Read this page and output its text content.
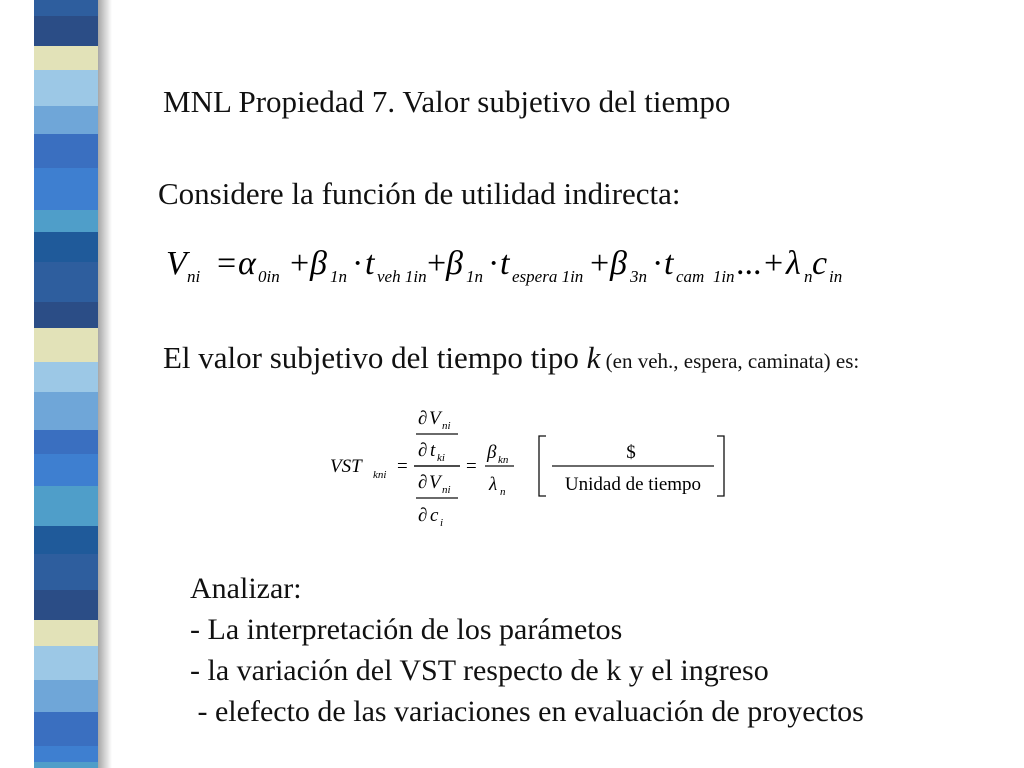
MNL Propiedad 7. Valor subjetivo del tiempo
Considere la función de utilidad indirecta:
V ni = α 0in + β 1n · t veh 1in + β 1n · t espera 1in + β 3n · t cam  1in ... + λ n c in
El valor subjetivo del tiempo tipo k (en veh., espera, caminata) es:
VST kni =
∂ V ni
∂ t ki
∂ V ni
∂ c i
=
β kn
λ n
$
Unidad de tiempo
Analizar:
- La interpretación de los parámetos
- la variación del VST respecto de k y el ingreso
- elefecto de las variaciones en evaluación de proyectos
